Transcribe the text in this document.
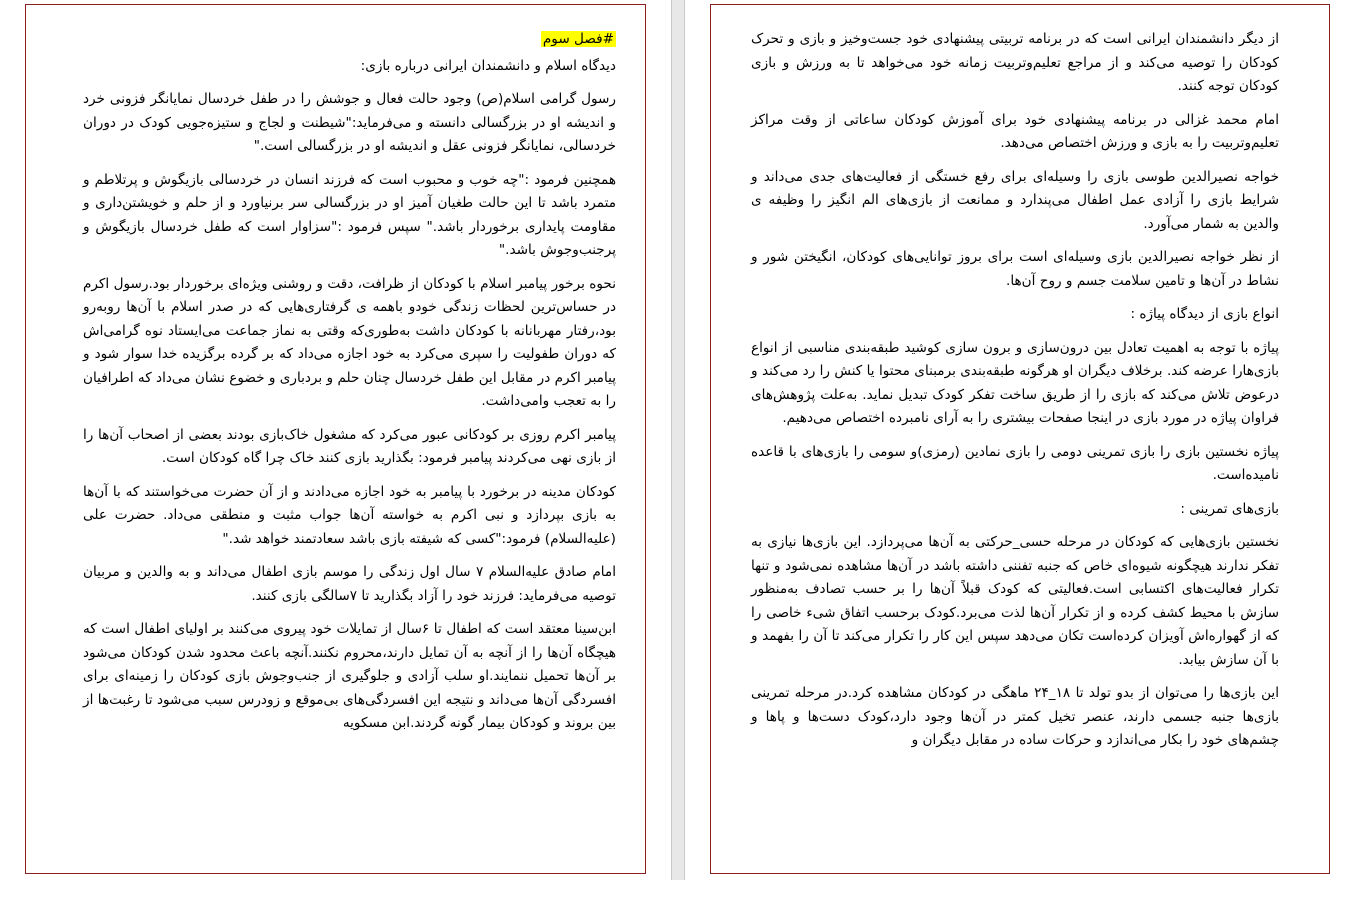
#فصل سوم

دیدگاه اسلام و دانشمندان ایرانی درباره بازی:

رسول گرامی اسلام(ص) وجود حالت فعال و جوشش را در طفل خردسال نمایانگر فزونی خرد و اندیشه او در بزرگسالی دانسته و می‌فرماید:"شیطنت و لجاج و ستیزه‌جویی کودک در دوران خردسالی، نمایانگر فزونی عقل و اندیشه او در بزرگسالی است."

همچنین فرمود :"چه خوب و محبوب است که فرزند انسان در خردسالی بازیگوش و پرتلاطم و متمرد باشد تا این حالت طغیان آمیز او در بزرگسالی سر برنیاورد و از حلم و خویشتن‌داری و مقاومت پایداری برخوردار باشد." سپس فرمود :"سزاوار است که طفل خردسال بازیگوش و پرجنب‌وجوش باشد."

نحوه برخور پیامبر اسلام با کودکان از ظرافت، دقت و روشنی ویژه‌ای برخوردار بود.رسول اکرم در حساس‌ترین لحظات زندگی خودو باهمه ی گرفتاری‌هایی که در صدر اسلام با آن‌ها روبه‌رو بود،رفتار مهربانانه با کودکان داشت به‌طوری‌که وقتی به نماز جماعت می‌ایستاد نوه گرامی‌اش که دوران طفولیت را سپری می‌کرد به خود اجازه می‌داد که بر گرده برگزیده خدا سوار شود و پیامبر اکرم در مقابل این طفل خردسال چنان حلم و بردباری و خضوع نشان می‌داد که اطرافیان را به تعجب وامی‌داشت.

پیامبر اکرم روزی بر کودکانی عبور می‌کرد که مشغول خاک‌بازی بودند بعضی از اصحاب آن‌ها را از بازی نهی می‌کردند پیامبر فرمود: بگذارید بازی کنند خاک چرا گاه کودکان است.

کودکان مدینه در برخورد با پیامبر به خود اجازه می‌دادند و از آن حضرت می‌خواستند که با آن‌ها به بازی بپردازد و نبی اکرم به خواسته آن‌ها جواب مثبت و منطقی می‌داد. حضرت علی (علیه‌السلام) فرمود:"کسی که شیفته بازی باشد سعادتمند خواهد شد."

امام صادق علیه‌السلام ۷ سال اول زندگی را موسم بازی اطفال می‌داند و به والدین و مربیان توصیه می‌فرماید: فرزند خود را آزاد بگذارید تا ۷سالگی بازی کنند.

ابن‌سینا معتقد است که اطفال تا ۶سال از تمایلات خود پیروی می‌کنند بر اولیای اطفال است که هیچگاه آن‌ها را از آنچه به آن تمایل دارند،محروم نکنند.آنچه باعث محدود شدن کودکان می‌شود بر آن‌ها تحمیل ننمایند.او سلب آزادی و جلوگیری از جنب‌وجوش بازی کودکان را زمینه‌ای برای افسردگی آن‌ها می‌داند و نتیجه این افسردگی‌های بی‌موقع و زودرس سبب می‌شود تا رغبت‌ها از بین بروند و کودکان بیمار گونه گردند.ابن مسکویه

از دیگر دانشمندان ایرانی است که در برنامه تربیتی پیشنهادی خود جست‌وخیز و بازی و تحرک کودکان را توصیه می‌کند و از مراجع تعلیم‌وتربیت زمانه خود می‌خواهد تا به ورزش و بازی کودکان توجه کنند.

امام محمد غزالی در برنامه پیشنهادی خود برای آموزش کودکان ساعاتی از وقت مراکز تعلیم‌وتربیت را به بازی و ورزش اختصاص می‌دهد.

خواجه نصیرالدین طوسی بازی را وسیله‌ای برای رفع خستگی از فعالیت‌های جدی می‌داند و شرایط بازی را آزادی عمل اطفال می‌پندارد و ممانعت از بازی‌های الم انگیز را وظیفه ی والدین به شمار می‌آورد.

از نظر خواجه نصیرالدین بازی وسیله‌ای است برای بروز توانایی‌های کودکان، انگیختن شور و نشاط در آن‌ها و تامین سلامت جسم و روح آن‌ها.

انواع بازی از دیدگاه پیاژه :

پیاژه با توجه به اهمیت تعادل بین درون‌سازی و برون سازی کوشید طبقه‌بندی مناسبی از انواع بازی‌هارا عرضه کند. برخلاف دیگران او هرگونه طبقه‌بندی برمبنای محتوا یا کنش را رد می‌کند و درعوض تلاش می‌کند که بازی را از طریق ساخت تفکر کودک تبدیل نماید. به‌علت پژوهش‌های فراوان پیاژه در مورد بازی در اینجا صفحات بیشتری را به آرای نامبرده اختصاص می‌دهیم.

پیاژه نخستین بازی را بازی تمرینی دومی را بازی نمادین (رمزی)و سومی را بازی‌های با قاعده نامیده‌است.

بازی‌های تمرینی :

نخستین بازی‌هایی که کودکان در مرحله حسی_حرکتی به آن‌ها می‌پردازد. این بازی‌ها نیازی به تفکر ندارند هیچگونه شیوه‌ای خاص که جنبه تفننی داشته باشد در آن‌ها مشاهده نمی‌شود و تنها تکرار فعالیت‌های اکتسابی است.فعالیتی که کودک قبلاً آن‌ها را بر حسب تصادف به‌منظور سازش با محیط کشف کرده و از تکرار آن‌ها لذت می‌برد.کودک برحسب اتفاق شیء خاصی را که از گهواره‌اش آویزان کرده‌است تکان می‌دهد سپس این کار را تکرار می‌کند تا آن را بفهمد و با آن سازش بیابد.

این بازی‌ها را می‌توان از بدو تولد تا ۱۸_۲۴ ماهگی در کودکان مشاهده کرد.در مرحله تمرینی بازی‌ها جنبه جسمی دارند، عنصر تخیل کمتر در آن‌ها وجود دارد،کودک دست‌ها و پاها و چشم‌های خود را بکار می‌اندازد و حرکات ساده در مقابل دیگران و
